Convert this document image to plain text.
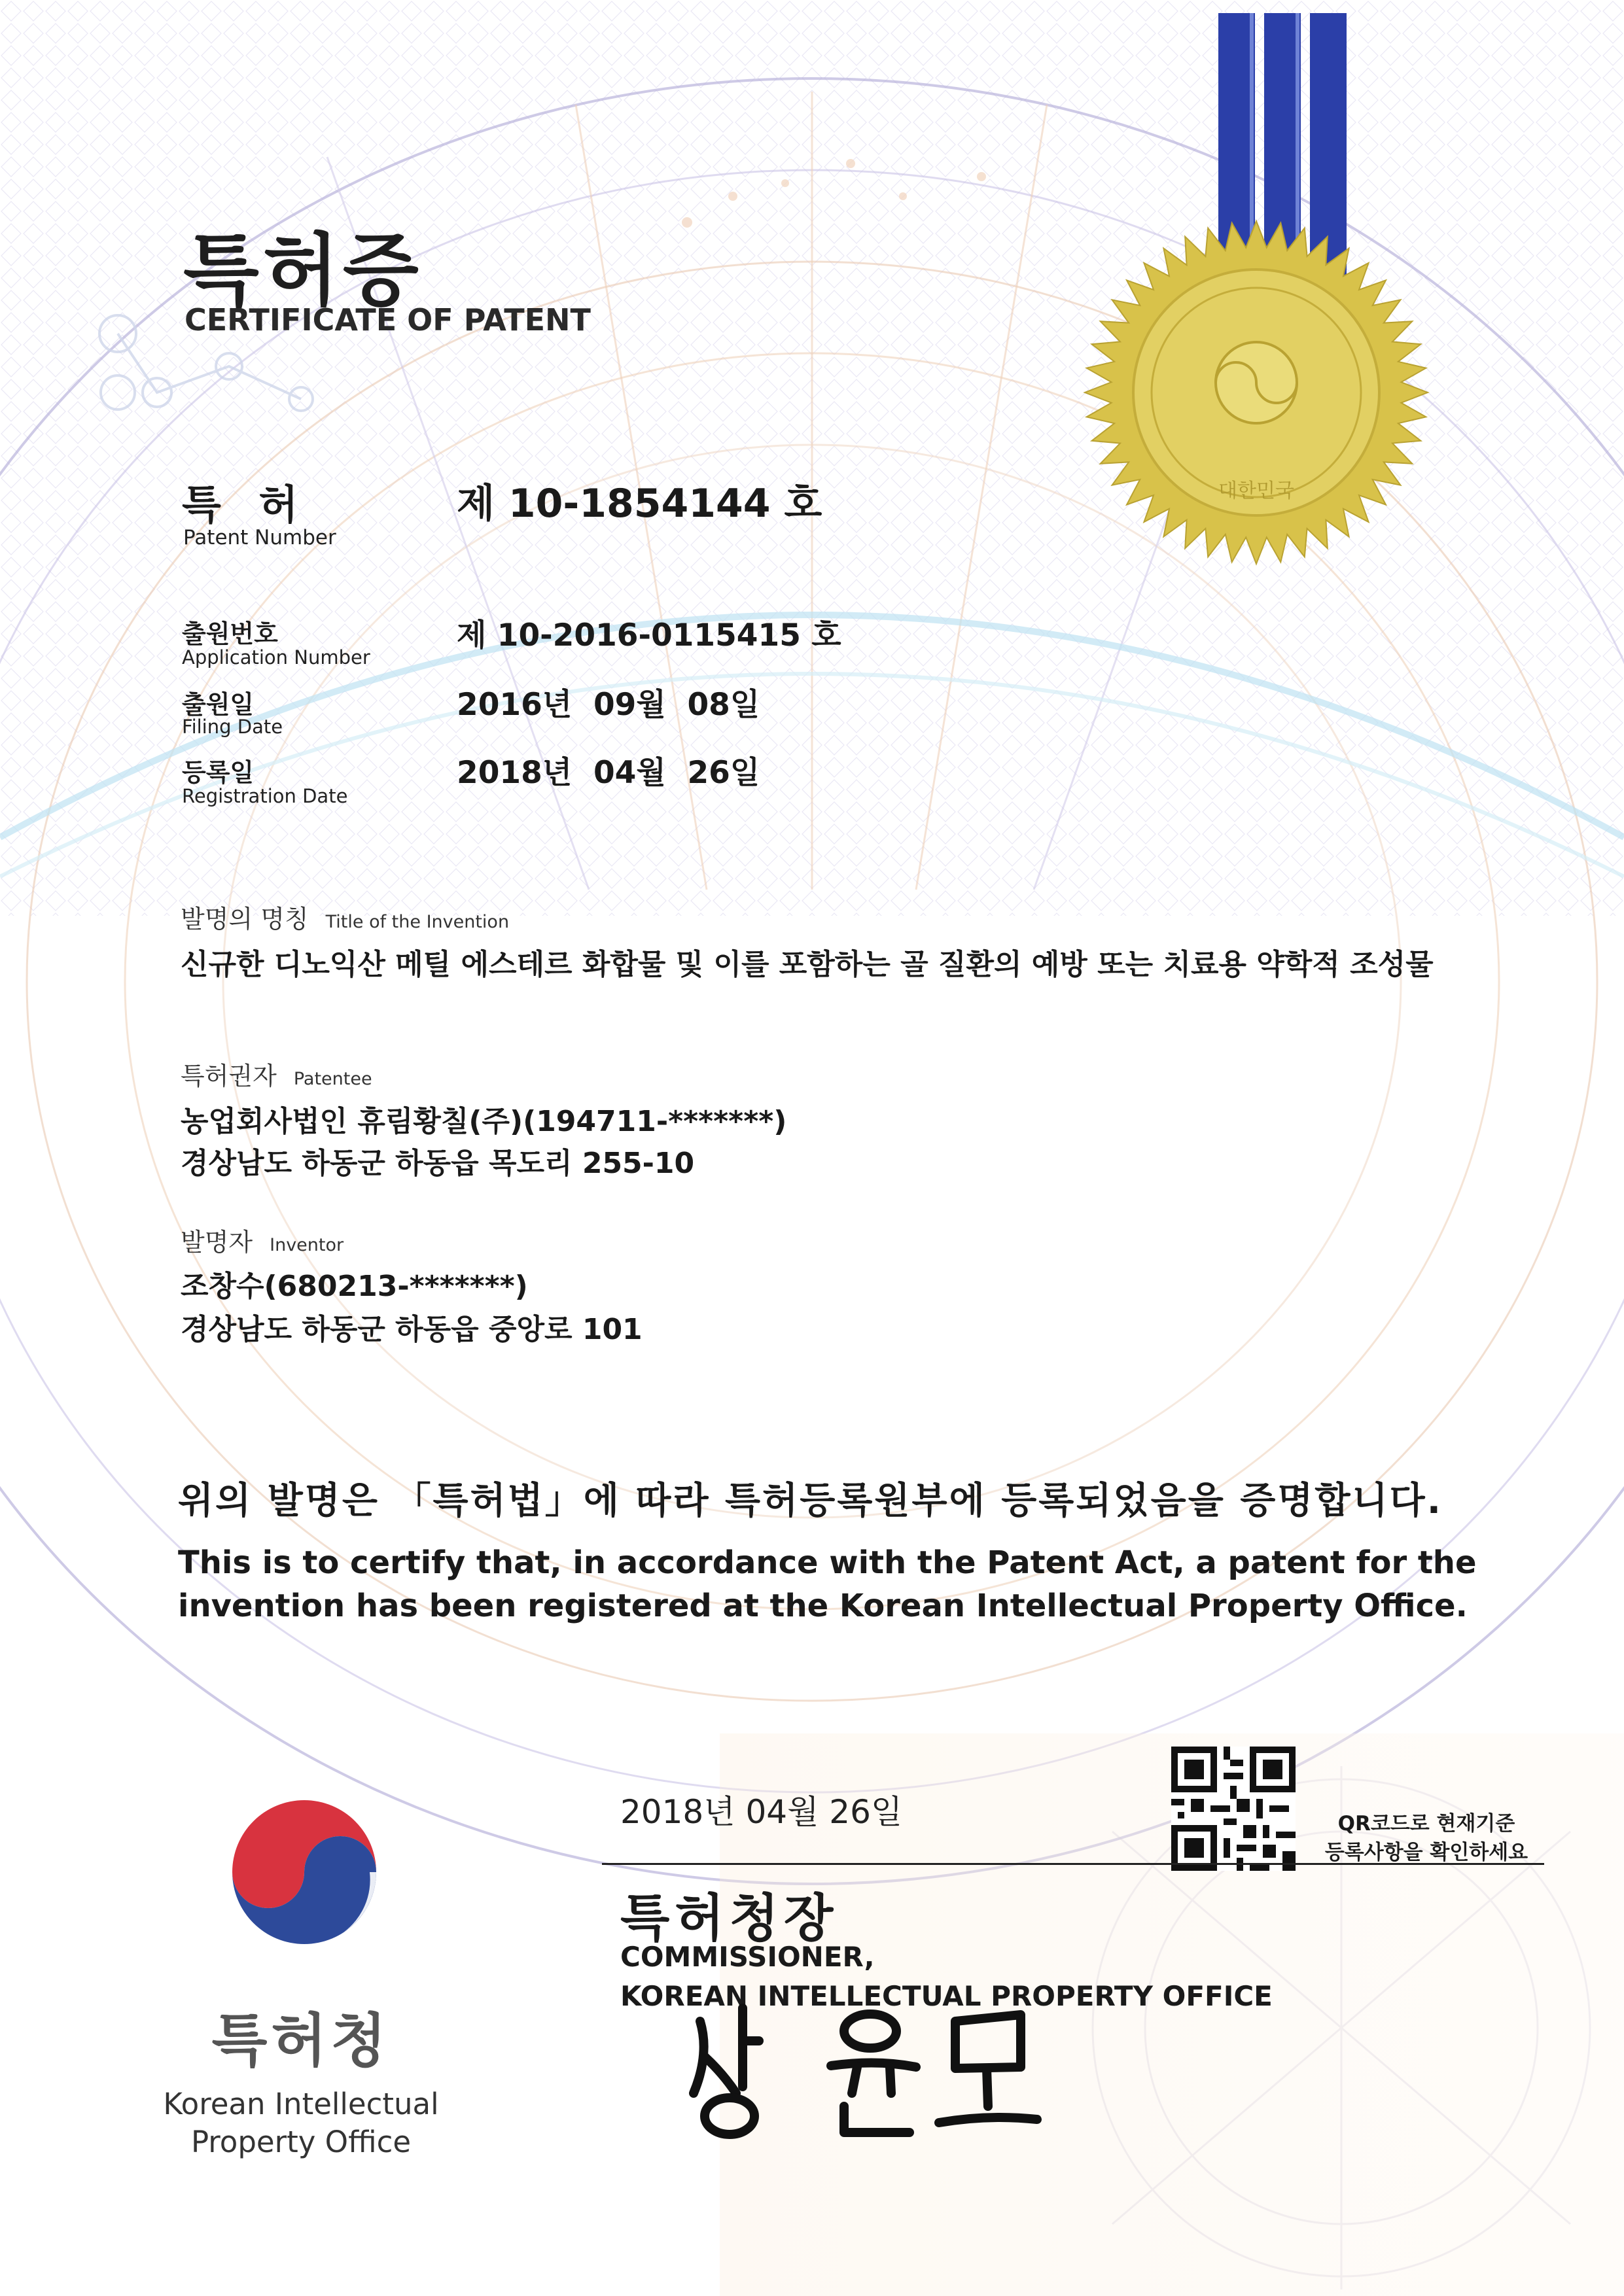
대한민국
특허증
CERTIFICATE OF PATENT
특 허
Patent Number
제 10-1854144 호
출원번호
Application Number
제 10-2016-0115415 호
출원일
Filing Date
2016년  09월  08일
등록일
Registration Date
2018년  04월  26일
발명의 명칭 Title of the Invention
신규한 디노익산 메틸 에스테르 화합물 및 이를 포함하는 골 질환의 예방 또는 치료용 약학적 조성물
특허권자 Patentee
농업회사법인 휴림황칠(주)(194711-*******)
경상남도 하동군 하동읍 목도리 255-10
발명자 Inventor
조창수(680213-*******)
경상남도 하동군 하동읍 중앙로 101
위의 발명은 「특허법」에 따라 특허등록원부에 등록되었음을 증명합니다.
This is to certify that, in accordance with the Patent Act, a patent for the invention has been registered at the Korean Intellectual Property Office.
2018년 04월 26일	QR코드로 현재기준
등록사항을 확인하세요
특허청장
COMMISSIONER,
KOREAN INTELLECTUAL PROPERTY OFFICE
특허청
Korean Intellectual
Property Office
